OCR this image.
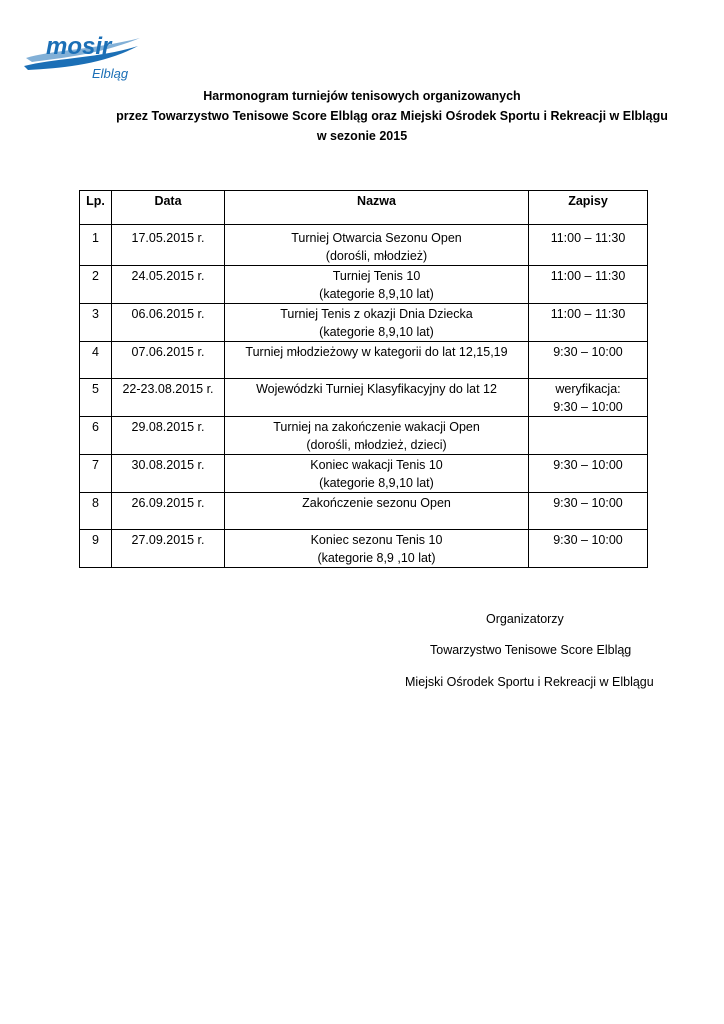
mosir
Elbląg
Harmonogram turniejów tenisowych organizowanych
przez Towarzystwo Tenisowe Score Elbląg oraz Miejski Ośrodek Sportu i Rekreacji w Elblągu
w sezonie 2015
Lp.	Data	Nazwa	Zapisy
1	17.05.2015 r.	Turniej Otwarcia Sezonu Open
(dorośli, młodzież)	11:00 – 11:30

2	24.05.2015 r.	Turniej Tenis 10
(kategorie 8,9,10 lat)	11:00 – 11:30

3	06.06.2015 r.	Turniej Tenis z okazji Dnia Dziecka
(kategorie 8,9,10 lat)	11:00 – 11:30

4	07.06.2015 r.	Turniej młodzieżowy w kategorii do lat 12,15,19	9:30 – 10:00

5	22-23.08.2015 r.	Wojewódzki Turniej Klasyfikacyjny do lat 12	weryfikacja:
9:30 – 10:00

6	29.08.2015 r.	Turniej na zakończenie wakacji Open
(dorośli, młodzież, dzieci)	

7	30.08.2015 r.	Koniec wakacji Tenis 10
(kategorie 8,9,10 lat)	9:30 – 10:00

8	26.09.2015 r.	Zakończenie sezonu Open	9:30 – 10:00

9	27.09.2015 r.	Koniec sezonu Tenis 10
(kategorie 8,9 ,10 lat)	9:30 – 10:00
Organizatorzy
Towarzystwo Tenisowe Score Elbląg
Miejski Ośrodek Sportu i Rekreacji w Elblągu
